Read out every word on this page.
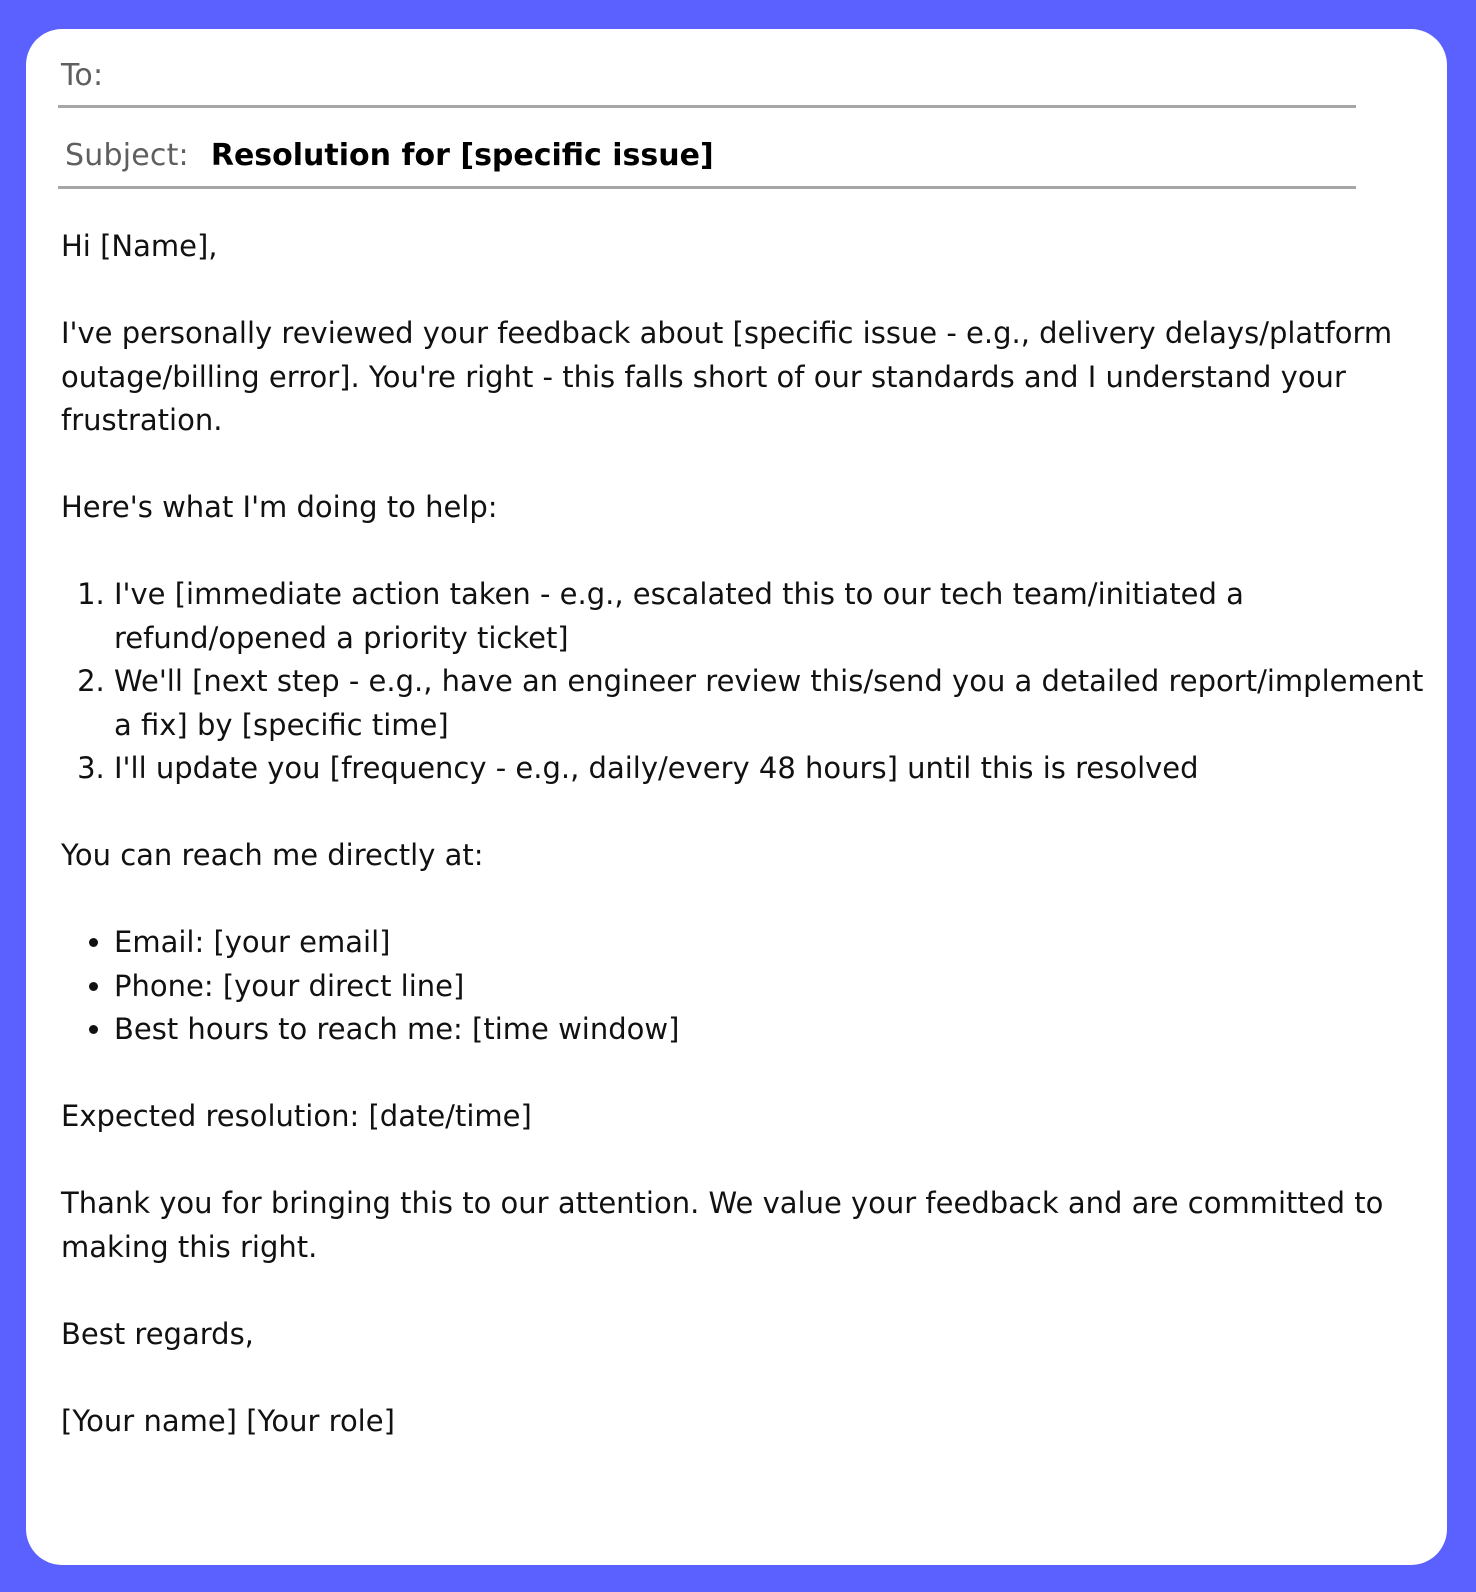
To:
Subject: Resolution for [specific issue]

Hi [Name],

I've personally reviewed your feedback about [specific issue - e.g., delivery delays/platform outage/billing error]. You're right - this falls short of our standards and I understand your frustration.

Here's what I'm doing to help:

1. I've [immediate action taken - e.g., escalated this to our tech team/initiated a refund/opened a priority ticket]
2. We'll [next step - e.g., have an engineer review this/send you a detailed report/implement a fix] by [specific time]
3. I'll update you [frequency - e.g., daily/every 48 hours] until this is resolved

You can reach me directly at:

• Email: [your email]
• Phone: [your direct line]
• Best hours to reach me: [time window]

Expected resolution: [date/time]

Thank you for bringing this to our attention. We value your feedback and are committed to making this right.

Best regards,

[Your name] [Your role]
